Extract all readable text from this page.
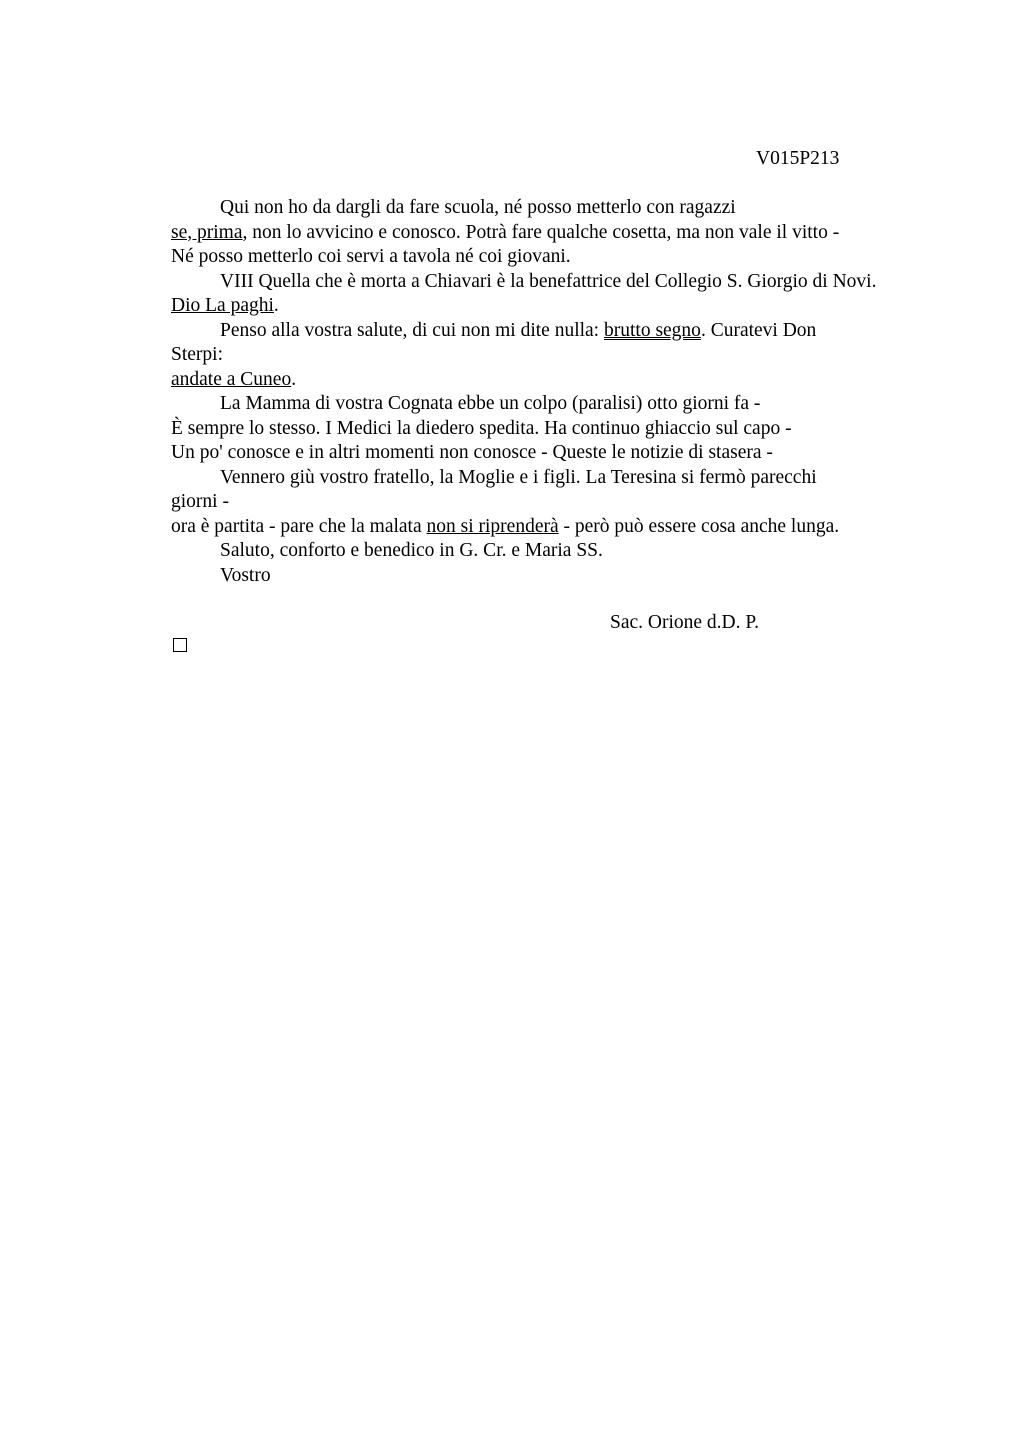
V015P213
Qui non ho da dargli da fare scuola, né posso metterlo con ragazzi
se, prima, non lo avvicino e conosco. Potrà fare qualche cosetta, ma non vale il vitto -
Né posso metterlo coi servi a tavola né coi giovani.
VIII Quella che è morta a Chiavari è la benefattrice del Collegio S. Giorgio di Novi.
Dio La paghi.
Penso alla vostra salute, di cui non mi dite nulla: brutto segno. Curatevi Don
Sterpi:
andate a Cuneo.
La Mamma di vostra Cognata ebbe un colpo (paralisi) otto giorni fa -
È sempre lo stesso. I Medici la diedero spedita. Ha continuo ghiaccio sul capo -
Un po' conosce e in altri momenti non conosce - Queste le notizie di stasera -
Vennero giù vostro fratello, la Moglie e i figli. La Teresina si fermò parecchi
giorni -
ora è partita - pare che la malata non si riprenderà - però può essere cosa anche lunga.
Saluto, conforto e benedico in G. Cr. e Maria SS.
Vostro
Sac. Orione d.D. P.
